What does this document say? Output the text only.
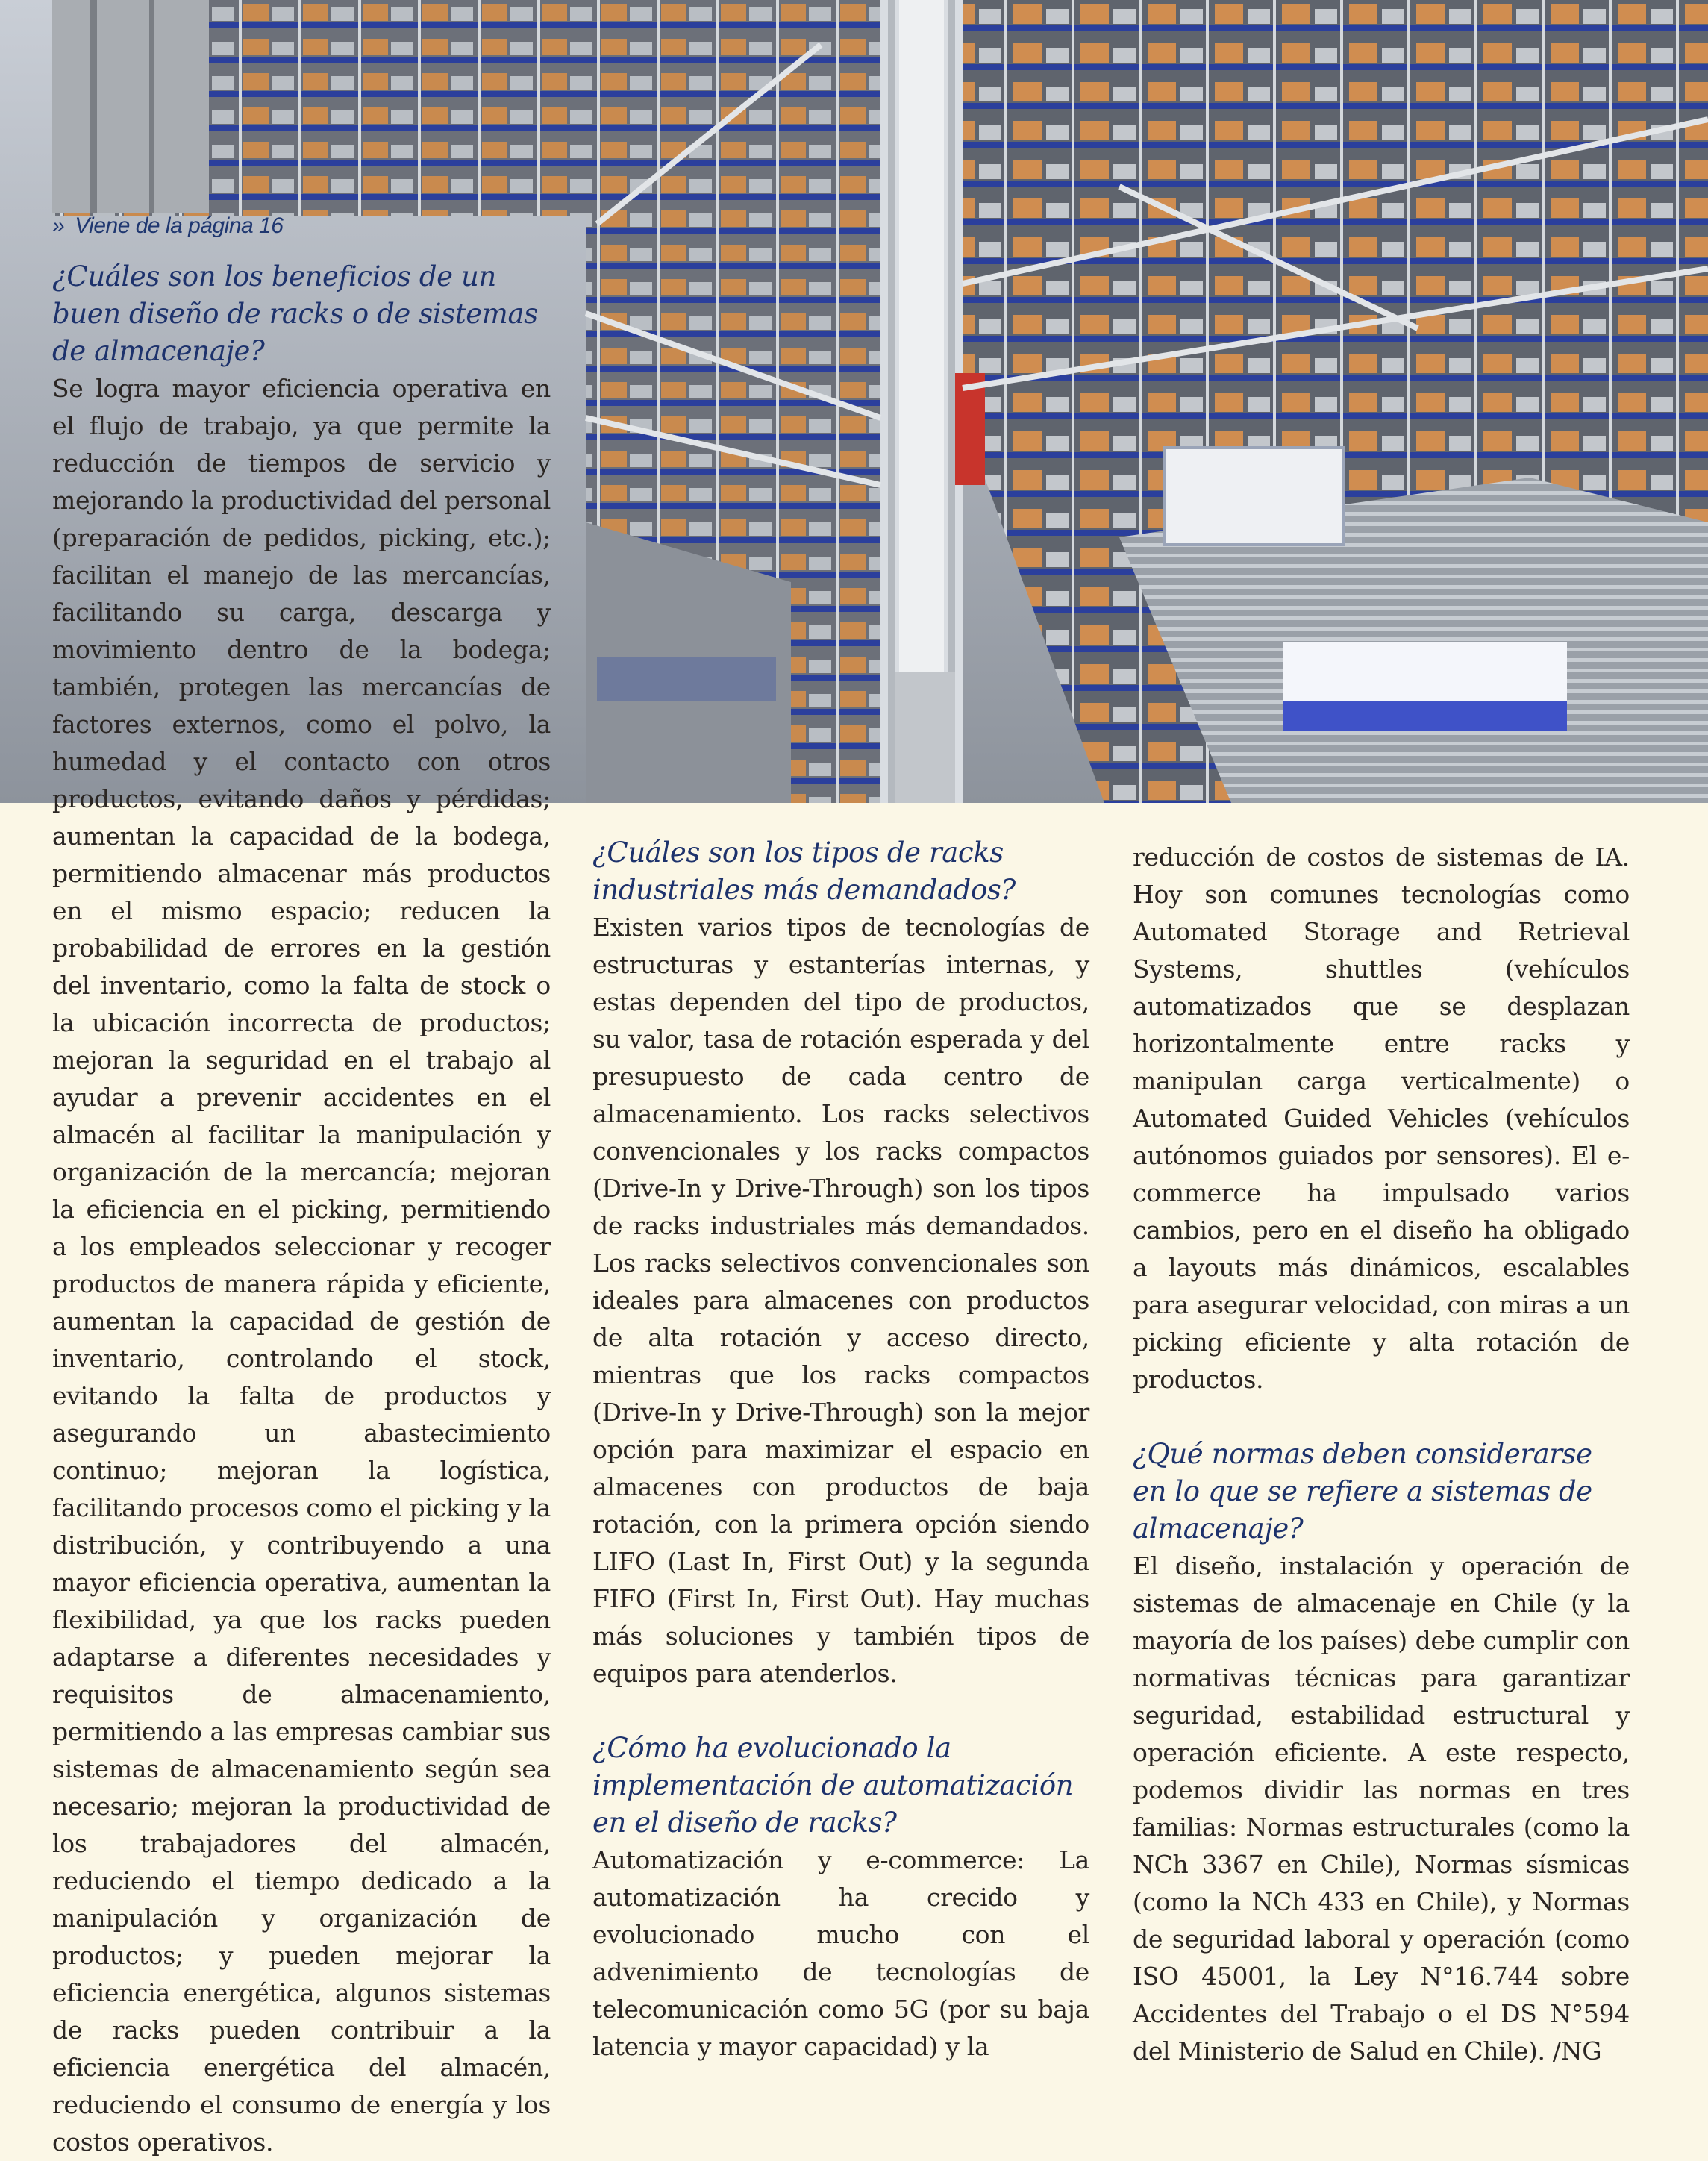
» Viene de la página 16
¿Cuáles son los beneficios de un buen diseño de racks o de sistemas de almacenaje?

Se logra mayor eficiencia operativa en el flujo de trabajo, ya que permite la reducción de tiempos de servicio y mejorando la productividad del personal (preparación de pedidos, picking, etc.); facilitan el manejo de las mercancías, facilitando su carga, descarga y movimiento dentro de la bodega; también, protegen las mercancías de factores externos, como el polvo, la humedad y el contacto con otros productos, evitando daños y pérdidas; aumentan la capacidad de la bodega, permitiendo almacenar más productos en el mismo espacio; reducen la probabilidad de errores en la gestión del inventario, como la falta de stock o la ubicación incorrecta de productos; mejoran la seguridad en el trabajo al ayudar a prevenir accidentes en el almacén al facilitar la manipulación y organización de la mercancía; mejoran la eficiencia en el picking, permitiendo a los empleados seleccionar y recoger productos de manera rápida y eficiente, aumentan la capacidad de gestión de inventario, controlando el stock, evitando la falta de productos y asegurando un abastecimiento continuo; mejoran la logística, facilitando procesos como el picking y la distribución, y contribuyendo a una mayor eficiencia operativa, aumentan la flexibilidad, ya que los racks pueden adaptarse a diferentes necesidades y requisitos de almacenamiento, permitiendo a las empresas cambiar sus sistemas de almacenamiento según sea necesario; mejoran la productividad de los trabajadores del almacén, reduciendo el tiempo dedicado a la manipulación y organización de productos; y pueden mejorar la eficiencia energética, algunos sistemas de racks pueden contribuir a la eficiencia energética del almacén, reduciendo el consumo de energía y los costos operativos.

¿Cuáles son los tipos de racks industriales más demandados?

Existen varios tipos de tecnologías de estructuras y estanterías internas, y estas dependen del tipo de productos, su valor, tasa de rotación esperada y del presupuesto de cada centro de almacenamiento. Los racks selectivos convencionales y los racks compactos (Drive-In y Drive-Through) son los tipos de racks industriales más demandados. Los racks selectivos convencionales son ideales para almacenes con productos de alta rotación y acceso directo, mientras que los racks compactos (Drive-In y Drive-Through) son la mejor opción para maximizar el espacio en almacenes con productos de baja rotación, con la primera opción siendo LIFO (Last In, First Out) y la segunda FIFO (First In, First Out). Hay muchas más soluciones y también tipos de equipos para atenderlos.

¿Cómo ha evolucionado la implementación de automatización en el diseño de racks?

Automatización y e-commerce: La automatización ha crecido y evolucionado mucho con el advenimiento de tecnologías de telecomunicación como 5G (por su baja latencia y mayor capacidad) y la

reducción de costos de sistemas de IA. Hoy son comunes tecnologías como Automated Storage and Retrieval Systems, shuttles (vehículos automatizados que se desplazan horizontalmente entre racks y manipulan carga verticalmente) o Automated Guided Vehicles (vehículos autónomos guiados por sensores). El e-commerce ha impulsado varios cambios, pero en el diseño ha obligado a layouts más dinámicos, escalables para asegurar velocidad, con miras a un picking eficiente y alta rotación de productos.

¿Qué normas deben considerarse en lo que se refiere a sistemas de almacenaje?

El diseño, instalación y operación de sistemas de almacenaje en Chile (y la mayoría de los países) debe cumplir con normativas técnicas para garantizar seguridad, estabilidad estructural y operación eficiente. A este respecto, podemos dividir las normas en tres familias: Normas estructurales (como la NCh 3367 en Chile), Normas sísmicas (como la NCh 433 en Chile), y Normas de seguridad laboral y operación (como ISO 45001, la Ley N°16.744 sobre Accidentes del Trabajo o el DS N°594 del Ministerio de Salud en Chile). /NG
